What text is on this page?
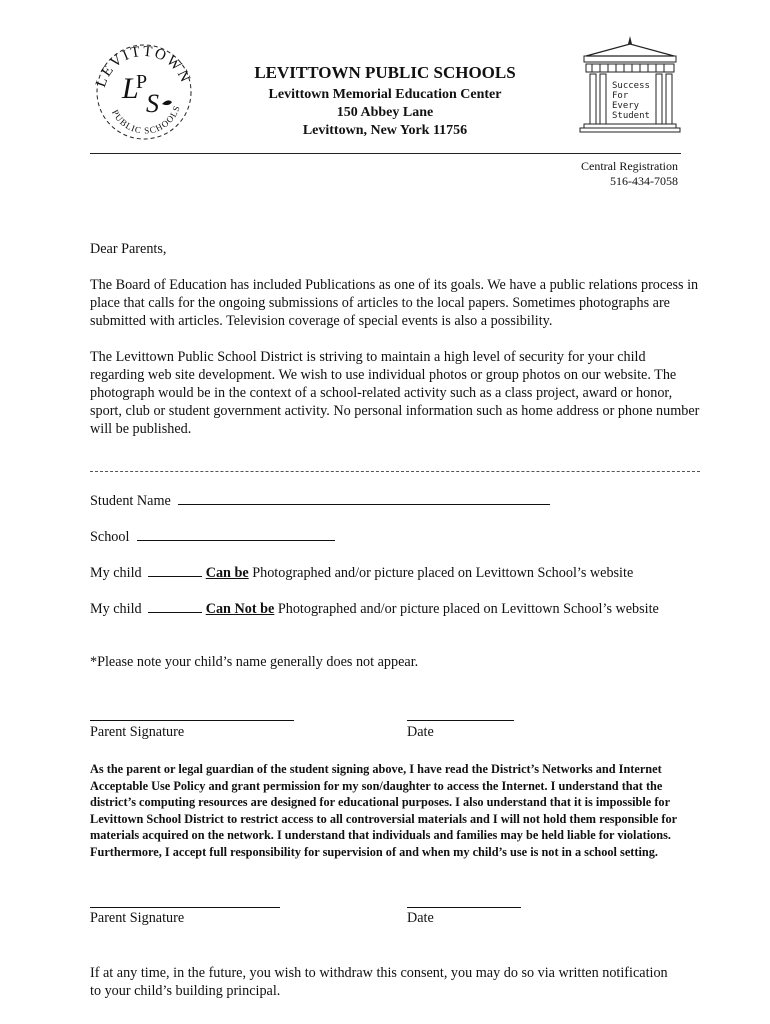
LEVITTOWN
PUBLIC SCHOOLS
L
P
S
LEVITTOWN PUBLIC SCHOOLS
Levittown Memorial Education Center
150 Abbey Lane
Levittown, New York 11756
Success
For
Every
Student
Central Registration
516-434-7058
Dear Parents,
The Board of Education has included Publications as one of its goals. We have a public relations process in place that calls for the ongoing submissions of articles to the local papers. Sometimes photographs are submitted with articles. Television coverage of special events is also a possibility.
The Levittown Public School District is striving to maintain a high level of security for your child regarding web site development. We wish to use individual photos or group photos on our website. The photograph would be in the context of a school-related activity such as a class project, award or honor, sport, club or student government activity. No personal information such as home address or phone number will be published.
Student Name
School
My child	Can be Photographed and/or picture placed on Levittown School’s website
My child	Can Not be Photographed and/or picture placed on Levittown School’s website
*Please note your child’s name generally does not appear.
Parent Signature	Date
As the parent or legal guardian of the student signing above, I have read the District’s Networks and Internet Acceptable Use Policy and grant permission for my son/daughter to access the Internet. I understand that the district’s computing resources are designed for educational purposes. I also understand that it is impossible for Levittown School District to restrict access to all controversial materials and I will not hold them responsible for materials acquired on the network. I understand that individuals and families may be held liable for violations. Furthermore, I accept full responsibility for supervision of and when my child’s use is not in a school setting.
Parent Signature	Date
If at any time, in the future, you wish to withdraw this consent, you may do so via written notification to your child’s building principal.
